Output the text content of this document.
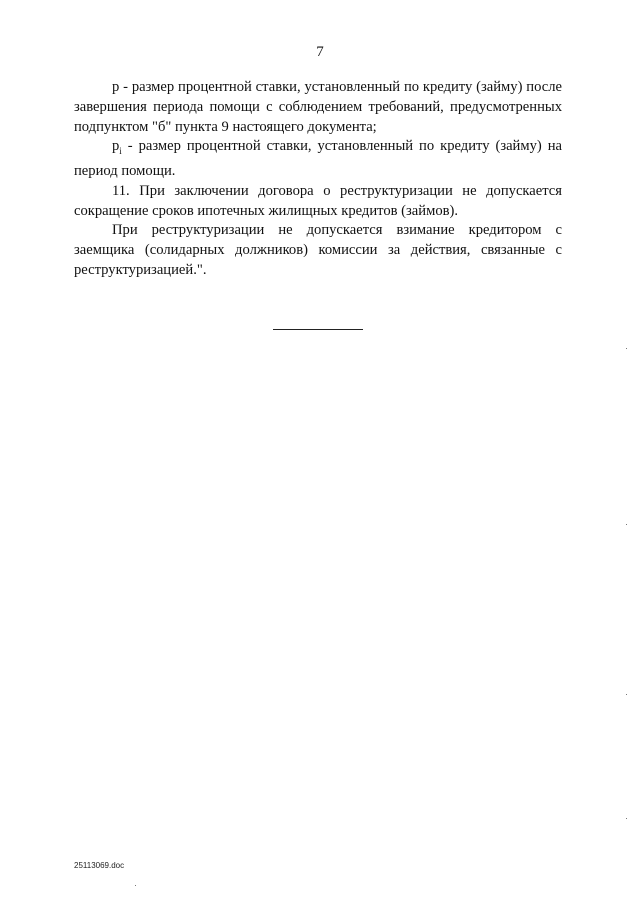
7

p - размер процентной ставки, установленный по кредиту (займу) после завершения периода помощи с соблюдением требований, предусмотренных подпунктом "б" пункта 9 настоящего документа;

$p_i$ - размер процентной ставки, установленный по кредиту (займу) на период помощи.

11. При заключении договора о реструктуризации не допускается сокращение сроков ипотечных жилищных кредитов (займов).

При реструктуризации не допускается взимание кредитором с заемщика (солидарных должников) комиссии за действия, связанные с реструктуризацией.".

25113069.doc
